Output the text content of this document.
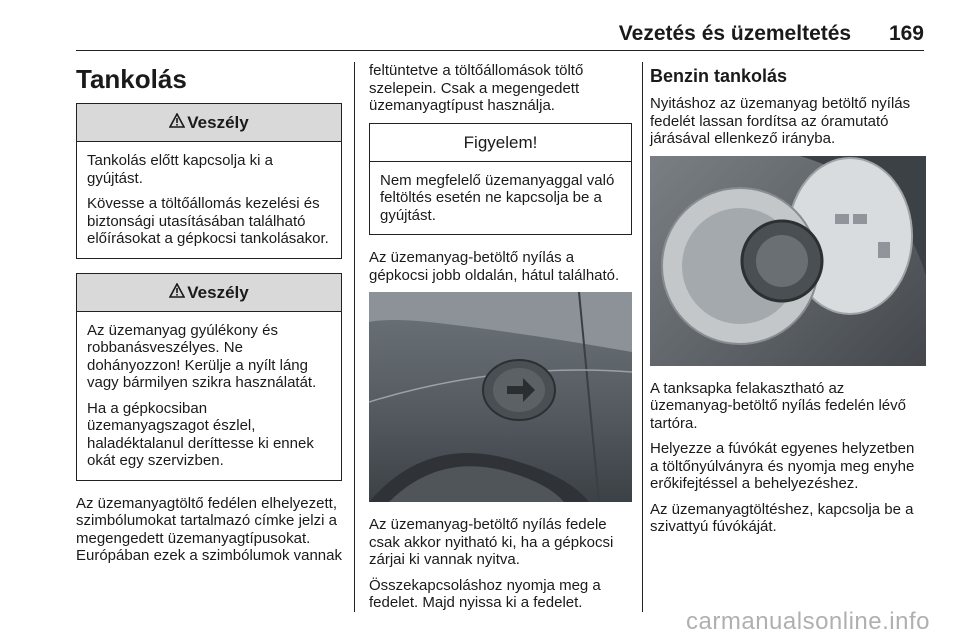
Vezetés és üzemeltetés 169
Tankolás
Veszély

Tankolás előtt kapcsolja ki a gyújtást.

Kövesse a töltőállomás kezelési és biztonsági utasításában található előírásokat a gépkocsi tankolásakor.

Veszély

Az üzemanyag gyúlékony és robbanásveszélyes. Ne dohányozzon! Kerülje a nyílt láng vagy bármilyen szikra használatát.

Ha a gépkocsiban üzemanyagszagot észlel, haladéktalanul deríttesse ki ennek okát egy szervizben.

Az üzemanyagtöltő fedélen elhelyezett, szimbólumokat tartalmazó címke jelzi a megengedett üzemanyagtípusokat. Európában ezek a szimbólumok vannak

feltüntetve a töltőállomások töltő szelepein. Csak a megengedett üzemanyagtípust használja.

Figyelem!

Nem megfelelő üzemanyaggal való feltöltés esetén ne kapcsolja be a gyújtást.

Az üzemanyag-betöltő nyílás a gépkocsi jobb oldalán, hátul található.

Az üzemanyag-betöltő nyílás fedele csak akkor nyitható ki, ha a gépkocsi zárjai ki vannak nyitva.

Összekapcsoláshoz nyomja meg a fedelet. Majd nyissa ki a fedelet.

Benzin tankolás

Nyitáshoz az üzemanyag betöltő nyílás fedelét lassan fordítsa az óramutató járásával ellenkező irányba.

A tanksapka felakasztható az üzemanyag-betöltő nyílás fedelén lévő tartóra.

Helyezze a fúvókát egyenes helyzetben a töltőnyúlványra és nyomja meg enyhe erőkifejtéssel a behelyezéshez.

Az üzemanyagtöltéshez, kapcsolja be a szivattyú fúvókáját.

carmanualsonline.info
